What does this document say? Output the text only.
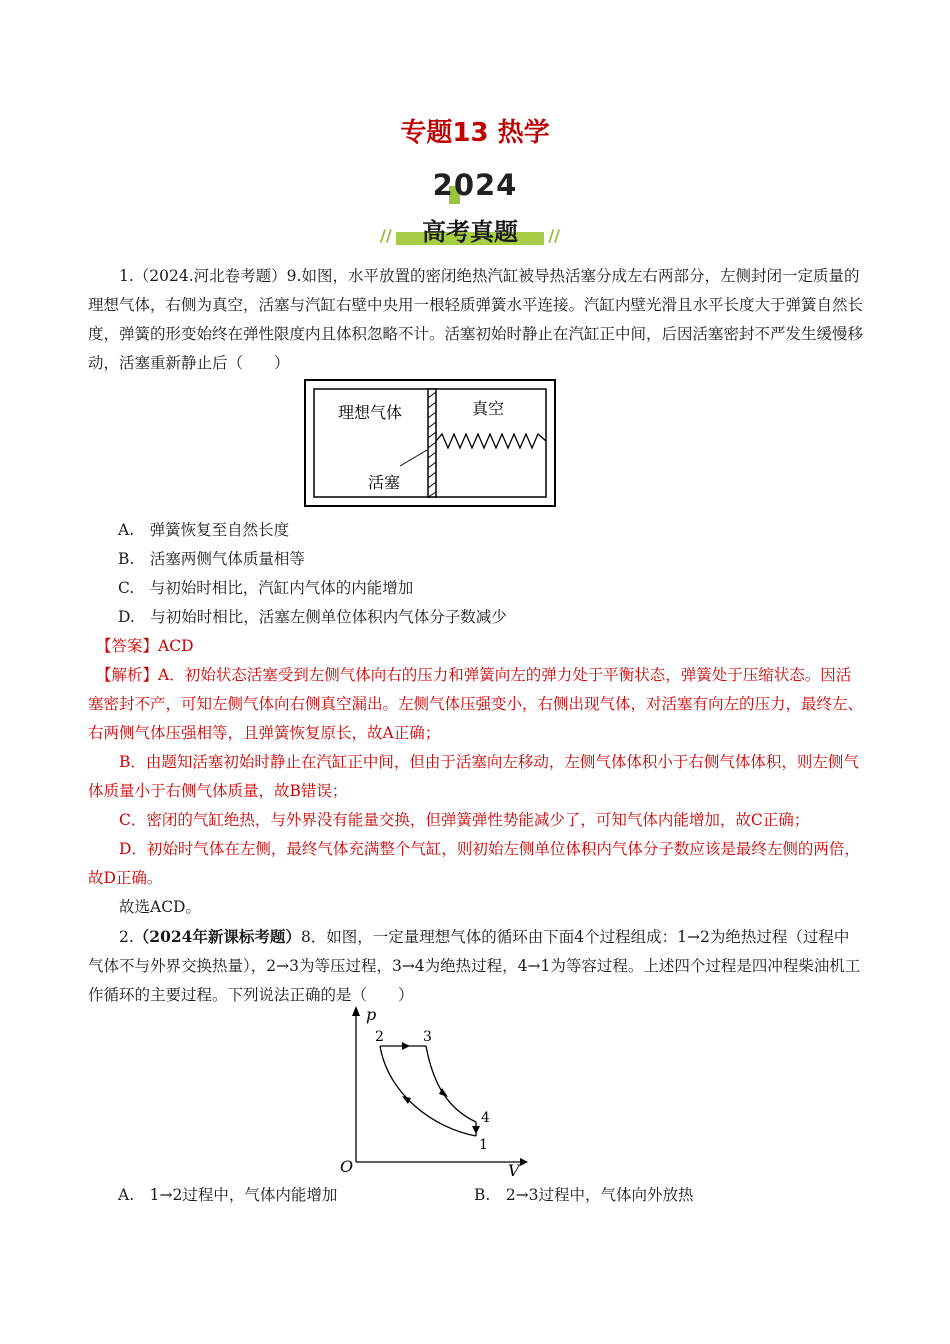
专题13 热学
2024
//	高考真题	//
1.（2024.河北卷考题）9.如图，水平放置的密闭绝热汽缸被导热活塞分成左右两部分，左侧封闭一定质量的理想气体，右侧为真空，活塞与汽缸右壁中央用一根轻质弹簧水平连接。汽缸内壁光滑且水平长度大于弹簧自然长度，弹簧的形变始终在弹性限度内且体积忽略不计。活塞初始时静止在汽缸正中间，后因活塞密封不严发生缓慢移动，活塞重新静止后（　　）
理想气体	真空
活塞
A.　弹簧恢复至自然长度
B.　活塞两侧气体质量相等
C.　与初始时相比，汽缸内气体的内能增加
D.　与初始时相比，活塞左侧单位体积内气体分子数减少
【答案】ACD
【解析】A．初始状态活塞受到左侧气体向右的压力和弹簧向左的弹力处于平衡状态，弹簧处于压缩状态。因活塞密封不产，可知左侧气体向右侧真空漏出。左侧气体压强变小，右侧出现气体，对活塞有向左的压力，最终左、右两侧气体压强相等，且弹簧恢复原长，故A正确；
B．由题知活塞初始时静止在汽缸正中间，但由于活塞向左移动，左侧气体体积小于右侧气体体积，则左侧气体质量小于右侧气体质量，故B错误；
C．密闭的气缸绝热，与外界没有能量交换，但弹簧弹性势能减少了，可知气体内能增加，故C正确；
D．初始时气体在左侧，最终气体充满整个气缸，则初始左侧单位体积内气体分子数应该是最终左侧的两倍，故D正确。
故选ACD。
2.（2024年新课标考题）8．如图，一定量理想气体的循环由下面4个过程组成：1→2为绝热过程（过程中气体不与外界交换热量），2→3为等压过程，3→4为绝热过程，4→1为等容过程。上述四个过程是四冲程柴油机工作循环的主要过程。下列说法正确的是（　　）
p
V
O
1
2	3
4
A.　1→2过程中，气体内能增加	B.　2→3过程中，气体向外放热
